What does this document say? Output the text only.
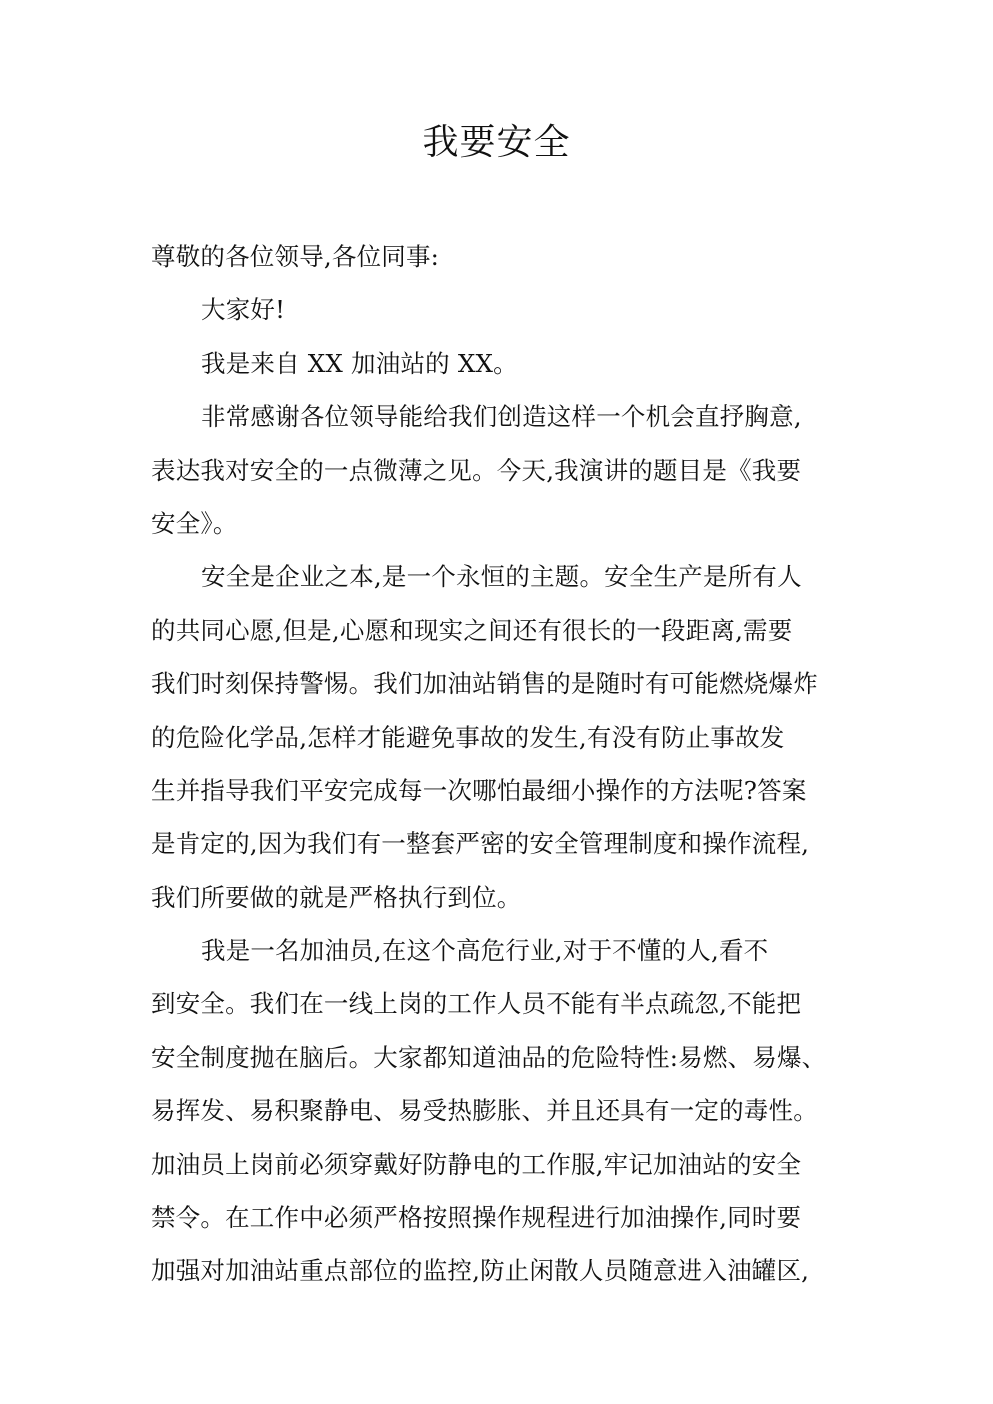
我要安全
尊敬的各位领导,各位同事:
大家好!
我是来自 XX 加油站的 XX。
非常感谢各位领导能给我们创造这样一个机会直抒胸意,
表达我对安全的一点微薄之见。今天,我演讲的题目是《我要
安全》。
安全是企业之本,是一个永恒的主题。安全生产是所有人
的共同心愿,但是,心愿和现实之间还有很长的一段距离,需要
我们时刻保持警惕。我们加油站销售的是随时有可能燃烧爆炸
的危险化学品,怎样才能避免事故的发生,有没有防止事故发
生并指导我们平安完成每一次哪怕最细小操作的方法呢?答案
是肯定的,因为我们有一整套严密的安全管理制度和操作流程,
我们所要做的就是严格执行到位。
我是一名加油员,在这个高危行业,对于不懂的人,看不
到安全。我们在一线上岗的工作人员不能有半点疏忽,不能把
安全制度抛在脑后。大家都知道油品的危险特性:易燃、易爆、
易挥发、易积聚静电、易受热膨胀、并且还具有一定的毒性。
加油员上岗前必须穿戴好防静电的工作服,牢记加油站的安全
禁令。在工作中必须严格按照操作规程进行加油操作,同时要
加强对加油站重点部位的监控,防止闲散人员随意进入油罐区,
